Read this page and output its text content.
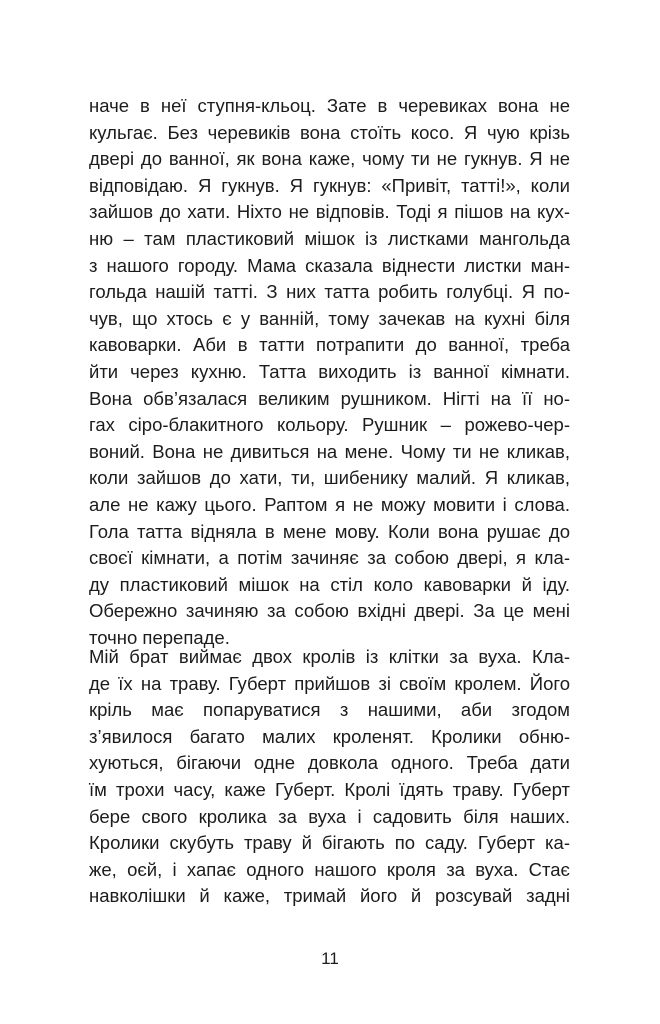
наче в неї ступня-кльоц. Зате в черевиках вона не
кульгає. Без черевиків вона стоїть косо. Я чую крізь
двері до ванної, як вона каже, чому ти не гукнув. Я не
відповідаю. Я гукнув. Я гукнув: «Привіт, татті!», коли
зайшов до хати. Ніхто не відповів. Тоді я пішов на кух-
ню – там пластиковий мішок із листками мангольда
з нашого городу. Мама сказала віднести листки ман-
гольда нашій татті. З них татта робить голубці. Я по-
чув, що хтось є у ванній, тому зачекав на кухні біля
кавоварки. Аби в татти потрапити до ванної, треба
йти через кухню. Татта виходить із ванної кімнати.
Вона обв’язалася великим рушником. Нігті на її но-
гах сіро-блакитного кольору. Рушник – рожево-чер-
воний. Вона не дивиться на мене. Чому ти не кликав,
коли зайшов до хати, ти, шибенику малий. Я кликав,
але не кажу цього. Раптом я не можу мовити і слова.
Гола татта відняла в мене мову. Коли вона рушає до
своєї кімнати, а потім зачиняє за собою двері, я кла-
ду пластиковий мішок на стіл коло кавоварки й іду.
Обережно зачиняю за собою вхідні двері. За це мені
точно перепаде.
Мій брат виймає двох кролів із клітки за вуха. Кла-
де їх на траву. Губерт прийшов зі своїм кролем. Його
кріль має попаруватися з нашими, аби згодом
з’явилося багато малих кроленят. Кролики обню-
хуються, бігаючи одне довкола одного. Треба дати
їм трохи часу, каже Губерт. Кролі їдять траву. Губерт
бере свого кролика за вуха і садовить біля наших.
Кролики скубуть траву й бігають по саду. Губерт ка-
же, оєй, і хапає одного нашого кроля за вуха. Стає
навколішки й каже, тримай його й розсувай задні
11
